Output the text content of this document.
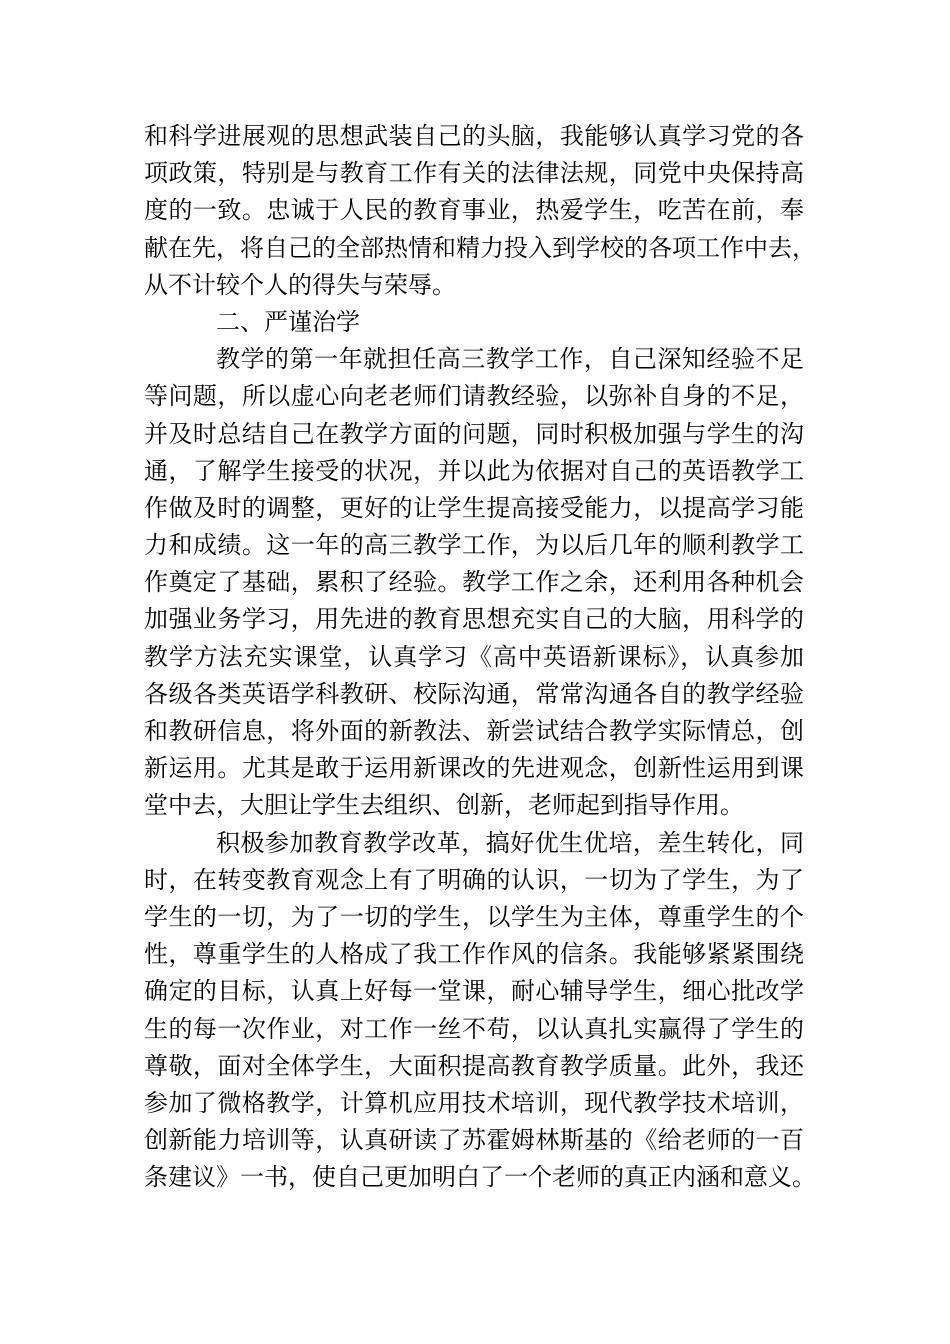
和科学进展观的思想武装自己的头脑，我能够认真学习党的各
项政策，特别是与教育工作有关的法律法规，同党中央保持高
度的一致。忠诚于人民的教育事业，热爱学生，吃苦在前，奉
献在先，将自己的全部热情和精力投入到学校的各项工作中去，
从不计较个人的得失与荣辱。
二、严谨治学
教学的第一年就担任高三教学工作，自己深知经验不足
等问题，所以虚心向老老师们请教经验，以弥补自身的不足，
并及时总结自己在教学方面的问题，同时积极加强与学生的沟
通，了解学生接受的状况，并以此为依据对自己的英语教学工
作做及时的调整，更好的让学生提高接受能力，以提高学习能
力和成绩。这一年的高三教学工作，为以后几年的顺利教学工
作奠定了基础，累积了经验。教学工作之余，还利用各种机会
加强业务学习，用先进的教育思想充实自己的大脑，用科学的
教学方法充实课堂，认真学习《高中英语新课标》，认真参加
各级各类英语学科教研、校际沟通，常常沟通各自的教学经验
和教研信息，将外面的新教法、新尝试结合教学实际情总，创
新运用。尤其是敢于运用新课改的先进观念，创新性运用到课
堂中去，大胆让学生去组织、创新，老师起到指导作用。
积极参加教育教学改革，搞好优生优培，差生转化，同
时，在转变教育观念上有了明确的认识，一切为了学生，为了
学生的一切，为了一切的学生，以学生为主体，尊重学生的个
性，尊重学生的人格成了我工作作风的信条。我能够紧紧围绕
确定的目标，认真上好每一堂课，耐心辅导学生，细心批改学
生的每一次作业，对工作一丝不苟，以认真扎实赢得了学生的
尊敬，面对全体学生，大面积提高教育教学质量。此外，我还
参加了微格教学，计算机应用技术培训，现代教学技术培训，
创新能力培训等，认真研读了苏霍姆林斯基的《给老师的一百
条建议》一书，使自己更加明白了一个老师的真正内涵和意义。
